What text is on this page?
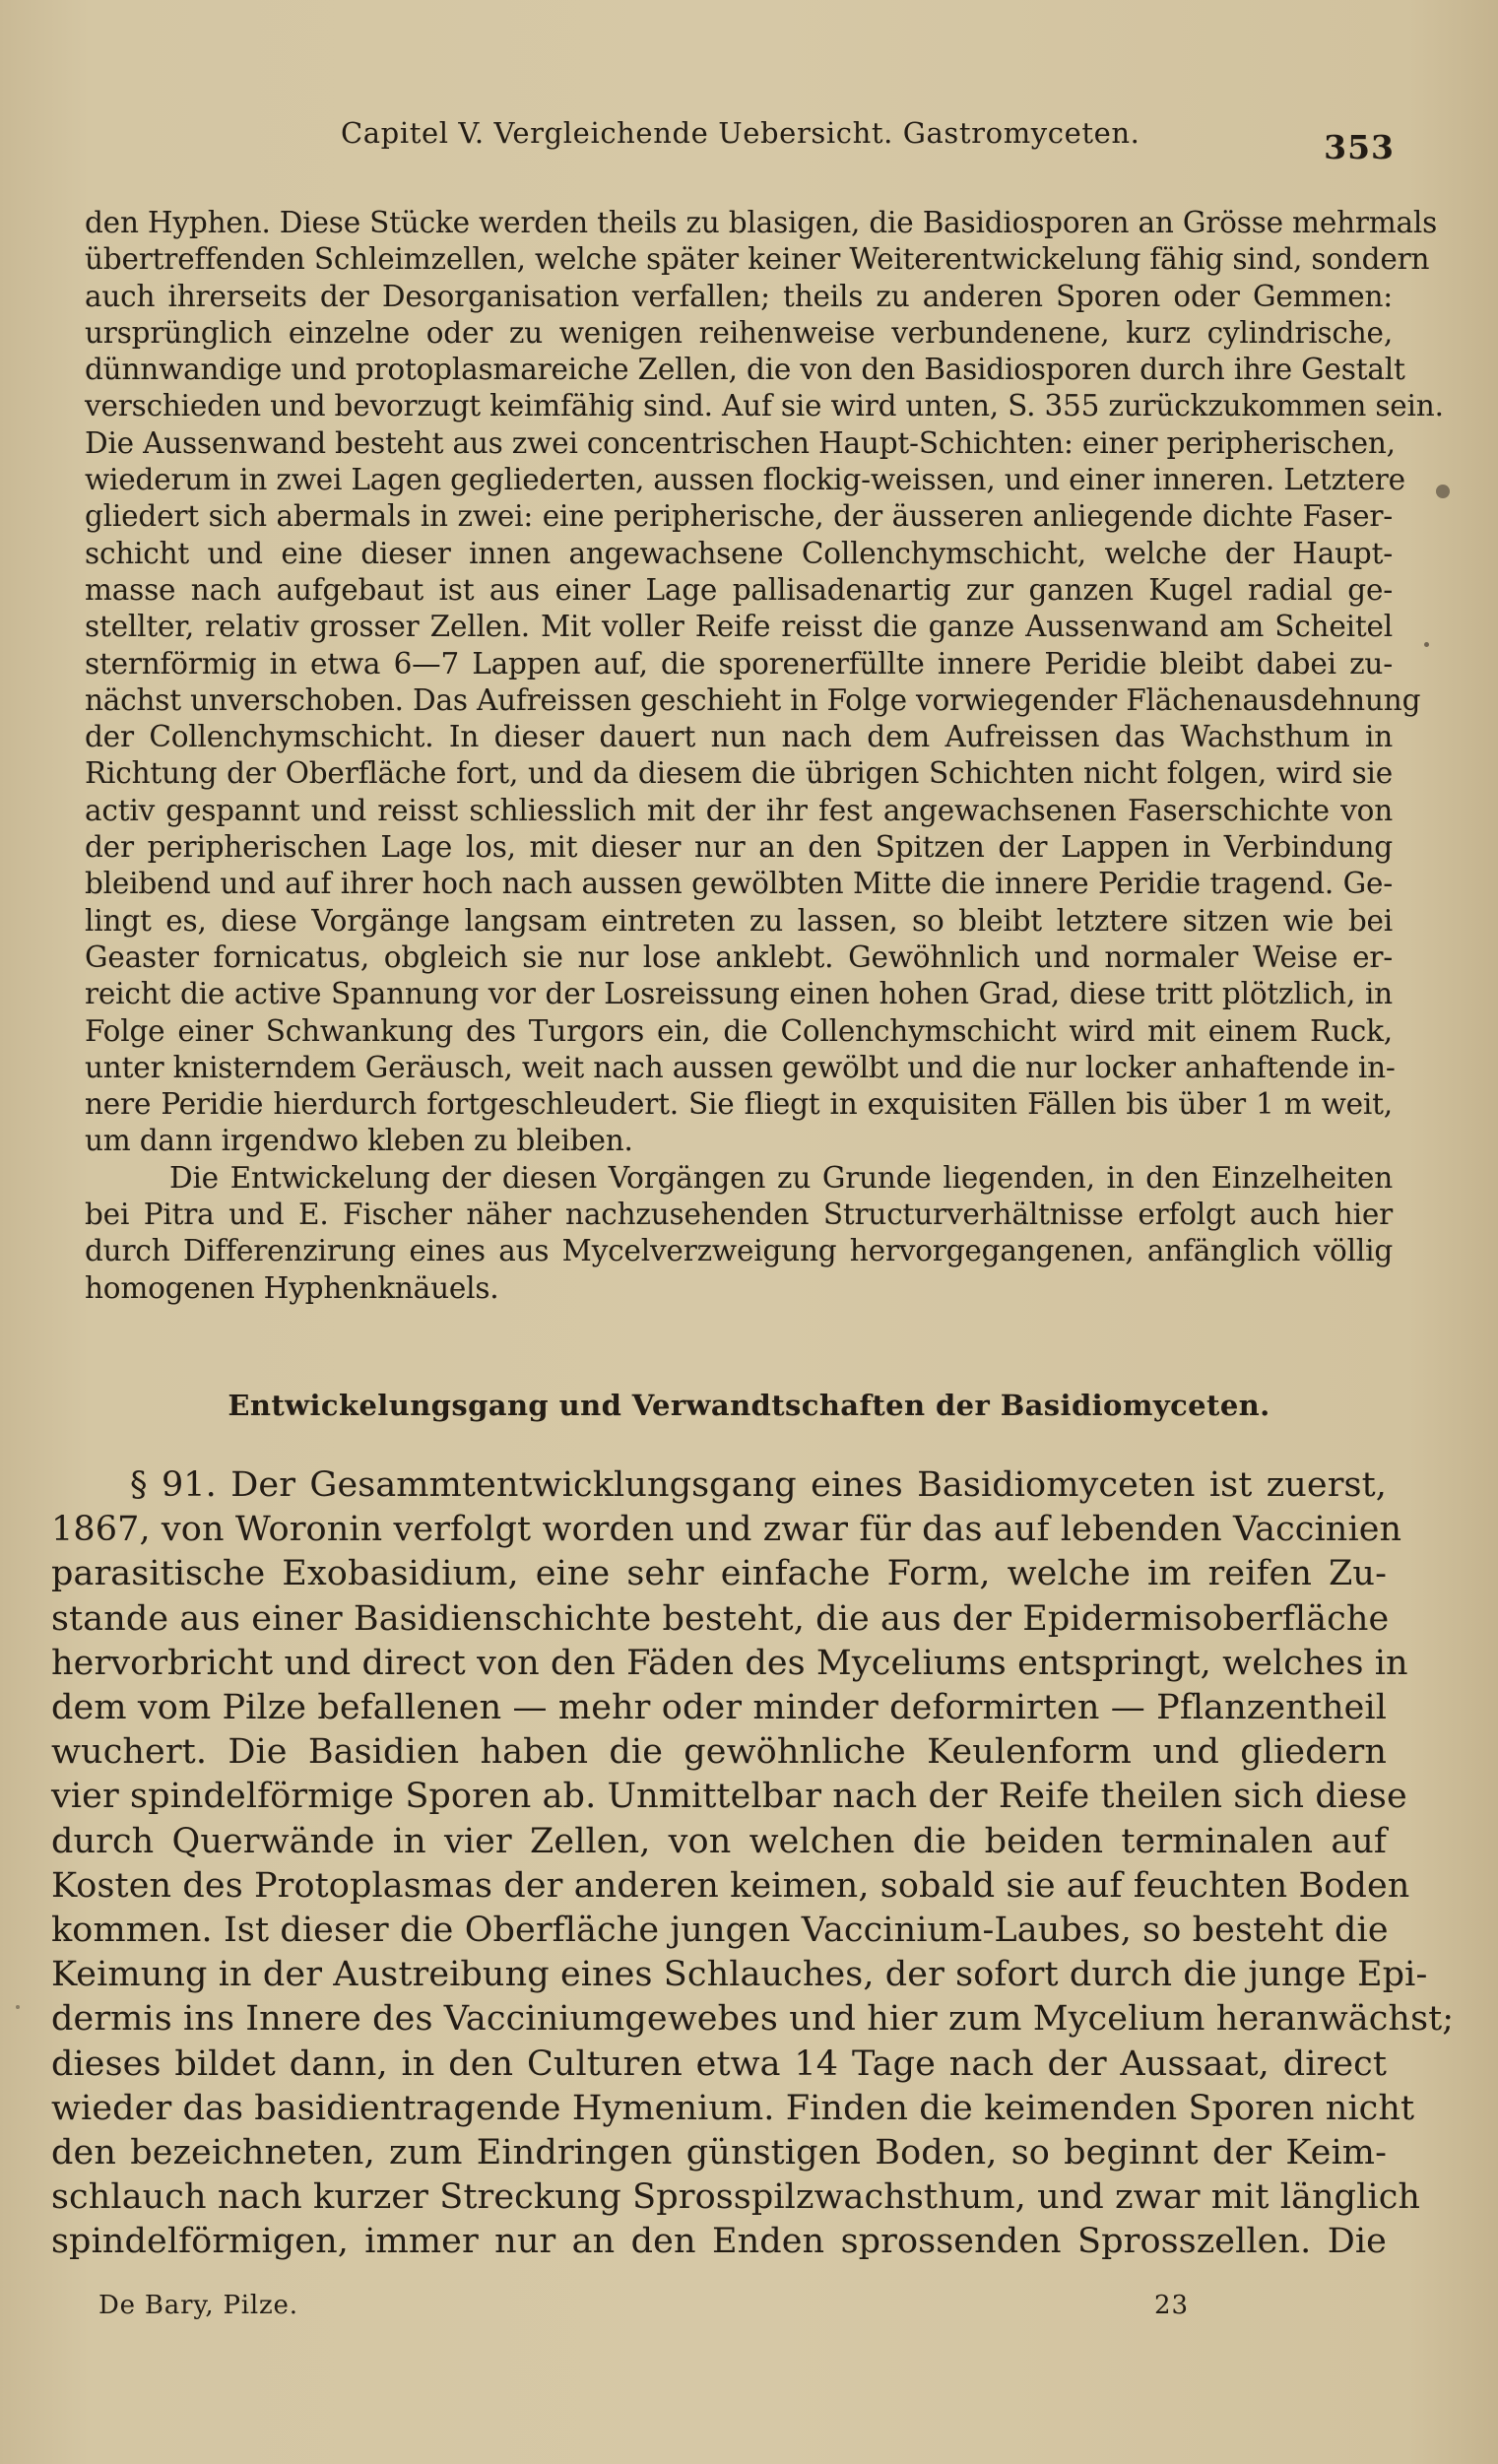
Capitel V. Vergleichende Uebersicht. Gastromyceten.	353
den Hyphen. Diese Stücke werden theils zu blasigen, die Basidiosporen an Grösse mehrmals
übertreffenden Schleimzellen, welche später keiner Weiterentwickelung fähig sind, sondern
auch ihrerseits der Desorganisation verfallen; theils zu anderen Sporen oder Gemmen:
ursprünglich einzelne oder zu wenigen reihenweise verbundenene, kurz cylindrische,
dünnwandige und protoplasmareiche Zellen, die von den Basidiosporen durch ihre Gestalt
verschieden und bevorzugt keimfähig sind. Auf sie wird unten, S. 355 zurückzukommen sein.
Die Aussenwand besteht aus zwei concentrischen Haupt-Schichten: einer peripherischen,
wiederum in zwei Lagen gegliederten, aussen flockig-weissen, und einer inneren. Letztere
gliedert sich abermals in zwei: eine peripherische, der äusseren anliegende dichte Faser-
schicht und eine dieser innen angewachsene Collenchymschicht, welche der Haupt-
masse nach aufgebaut ist aus einer Lage pallisadenartig zur ganzen Kugel radial ge-
stellter, relativ grosser Zellen. Mit voller Reife reisst die ganze Aussenwand am Scheitel
sternförmig in etwa 6—7 Lappen auf, die sporenerfüllte innere Peridie bleibt dabei zu-
nächst unverschoben. Das Aufreissen geschieht in Folge vorwiegender Flächenausdehnung
der Collenchymschicht. In dieser dauert nun nach dem Aufreissen das Wachsthum in
Richtung der Oberfläche fort, und da diesem die übrigen Schichten nicht folgen, wird sie
activ gespannt und reisst schliesslich mit der ihr fest angewachsenen Faserschichte von
der peripherischen Lage los, mit dieser nur an den Spitzen der Lappen in Verbindung
bleibend und auf ihrer hoch nach aussen gewölbten Mitte die innere Peridie tragend. Ge-
lingt es, diese Vorgänge langsam eintreten zu lassen, so bleibt letztere sitzen wie bei
Geaster fornicatus, obgleich sie nur lose anklebt. Gewöhnlich und normaler Weise er-
reicht die active Spannung vor der Losreissung einen hohen Grad, diese tritt plötzlich, in
Folge einer Schwankung des Turgors ein, die Collenchymschicht wird mit einem Ruck,
unter knisterndem Geräusch, weit nach aussen gewölbt und die nur locker anhaftende in-
nere Peridie hierdurch fortgeschleudert. Sie fliegt in exquisiten Fällen bis über 1 m weit,
um dann irgendwo kleben zu bleiben.
Die Entwickelung der diesen Vorgängen zu Grunde liegenden, in den Einzelheiten
bei Pitra und E. Fischer näher nachzusehenden Structurverhältnisse erfolgt auch hier
durch Differenzirung eines aus Mycelverzweigung hervorgegangenen, anfänglich völlig
homogenen Hyphenknäuels.
Entwickelungsgang und Verwandtschaften der Basidiomyceten.
§ 91. Der Gesammtentwicklungsgang eines Basidiomyceten ist zuerst,
1867, von Woronin verfolgt worden und zwar für das auf lebenden Vaccinien
parasitische Exobasidium, eine sehr einfache Form, welche im reifen Zu-
stande aus einer Basidienschichte besteht, die aus der Epidermisoberfläche
hervorbricht und direct von den Fäden des Myceliums entspringt, welches in
dem vom Pilze befallenen — mehr oder minder deformirten — Pflanzentheil
wuchert. Die Basidien haben die gewöhnliche Keulenform und gliedern
vier spindelförmige Sporen ab. Unmittelbar nach der Reife theilen sich diese
durch Querwände in vier Zellen, von welchen die beiden terminalen auf
Kosten des Protoplasmas der anderen keimen, sobald sie auf feuchten Boden
kommen. Ist dieser die Oberfläche jungen Vaccinium-Laubes, so besteht die
Keimung in der Austreibung eines Schlauches, der sofort durch die junge Epi-
dermis ins Innere des Vacciniumgewebes und hier zum Mycelium heranwächst;
dieses bildet dann, in den Culturen etwa 14 Tage nach der Aussaat, direct
wieder das basidientragende Hymenium. Finden die keimenden Sporen nicht
den bezeichneten, zum Eindringen günstigen Boden, so beginnt der Keim-
schlauch nach kurzer Streckung Sprosspilzwachsthum, und zwar mit länglich
spindelförmigen, immer nur an den Enden sprossenden Sprosszellen. Die
De Bary, Pilze.	23
